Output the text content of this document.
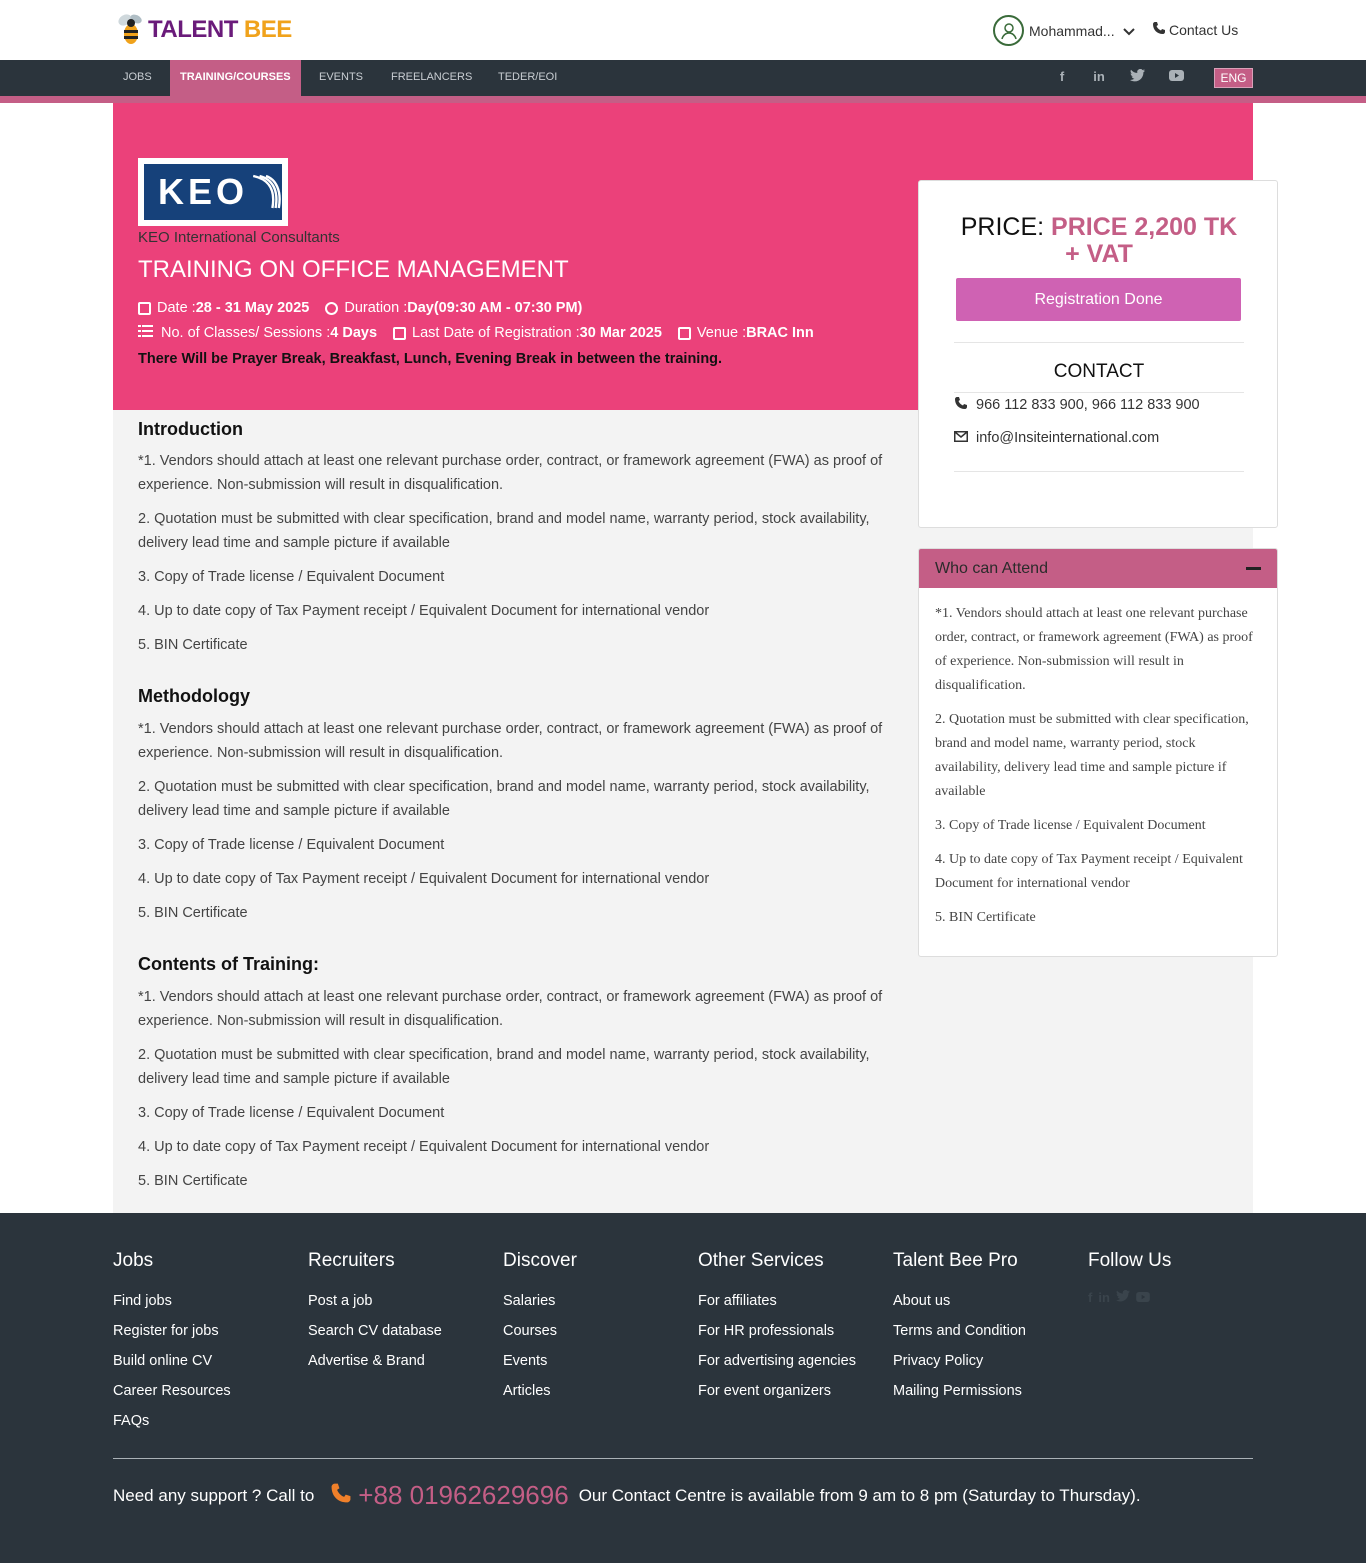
TALENT BEE	Mohammad...	Contact Us
JOBS	TRAINING/COURSES	EVENTS	FREELANCERS	TEDER/EOI	f	in	ENG
KEO
KEO International Consultants
TRAINING ON OFFICE MANAGEMENT
Date : 28 - 31 May 2025 Duration : Day(09:30 AM - 07:30 PM)
No. of Classes/ Sessions : 4 Days Last Date of Registration : 30 Mar 2025 Venue : BRAC Inn
There Will be Prayer Break, Breakfast, Lunch, Evening Break in between the training.
Introduction
*1. Vendors should attach at least one relevant purchase order, contract, or framework agreement (FWA) as proof of experience. Non-submission will result in disqualification.
2. Quotation must be submitted with clear specification, brand and model name, warranty period, stock availability, delivery lead time and sample picture if available
3. Copy of Trade license / Equivalent Document
4. Up to date copy of Tax Payment receipt / Equivalent Document for international vendor
5. BIN Certificate
Methodology
*1. Vendors should attach at least one relevant purchase order, contract, or framework agreement (FWA) as proof of experience. Non-submission will result in disqualification.
2. Quotation must be submitted with clear specification, brand and model name, warranty period, stock availability, delivery lead time and sample picture if available
3. Copy of Trade license / Equivalent Document
4. Up to date copy of Tax Payment receipt / Equivalent Document for international vendor
5. BIN Certificate
Contents of Training:
*1. Vendors should attach at least one relevant purchase order, contract, or framework agreement (FWA) as proof of experience. Non-submission will result in disqualification.
2. Quotation must be submitted with clear specification, brand and model name, warranty period, stock availability, delivery lead time and sample picture if available
3. Copy of Trade license / Equivalent Document
4. Up to date copy of Tax Payment receipt / Equivalent Document for international vendor
5. BIN Certificate
PRICE: PRICE 2,200 TK
+ VAT
Registration Done
CONTACT
966 112 833 900, 966 112 833 900
info@Insiteinternational.com
Who can Attend

*1. Vendors should attach at least one relevant purchase order, contract, or framework agreement (FWA) as proof of experience. Non-submission will result in disqualification.

2. Quotation must be submitted with clear specification, brand and model name, warranty period, stock availability, delivery lead time and sample picture if available

3. Copy of Trade license / Equivalent Document

4. Up to date copy of Tax Payment receipt / Equivalent Document for international vendor

5. BIN Certificate

Jobs
Find jobs
Register for jobs
Build online CV
Career Resources
FAQs
Recruiters
Post a job
Search CV database
Advertise & Brand
Discover
Salaries
Courses
Events
Articles
Other Services
For affiliates
For HR professionals
For advertising agencies
For event organizers
Talent Bee Pro
About us
Terms and Condition
Privacy Policy
Mailing Permissions
Follow Us
f in
Need any support ? Call to +88 01962629696 Our Contact Centre is available from 9 am to 8 pm (Saturday to Thursday).
